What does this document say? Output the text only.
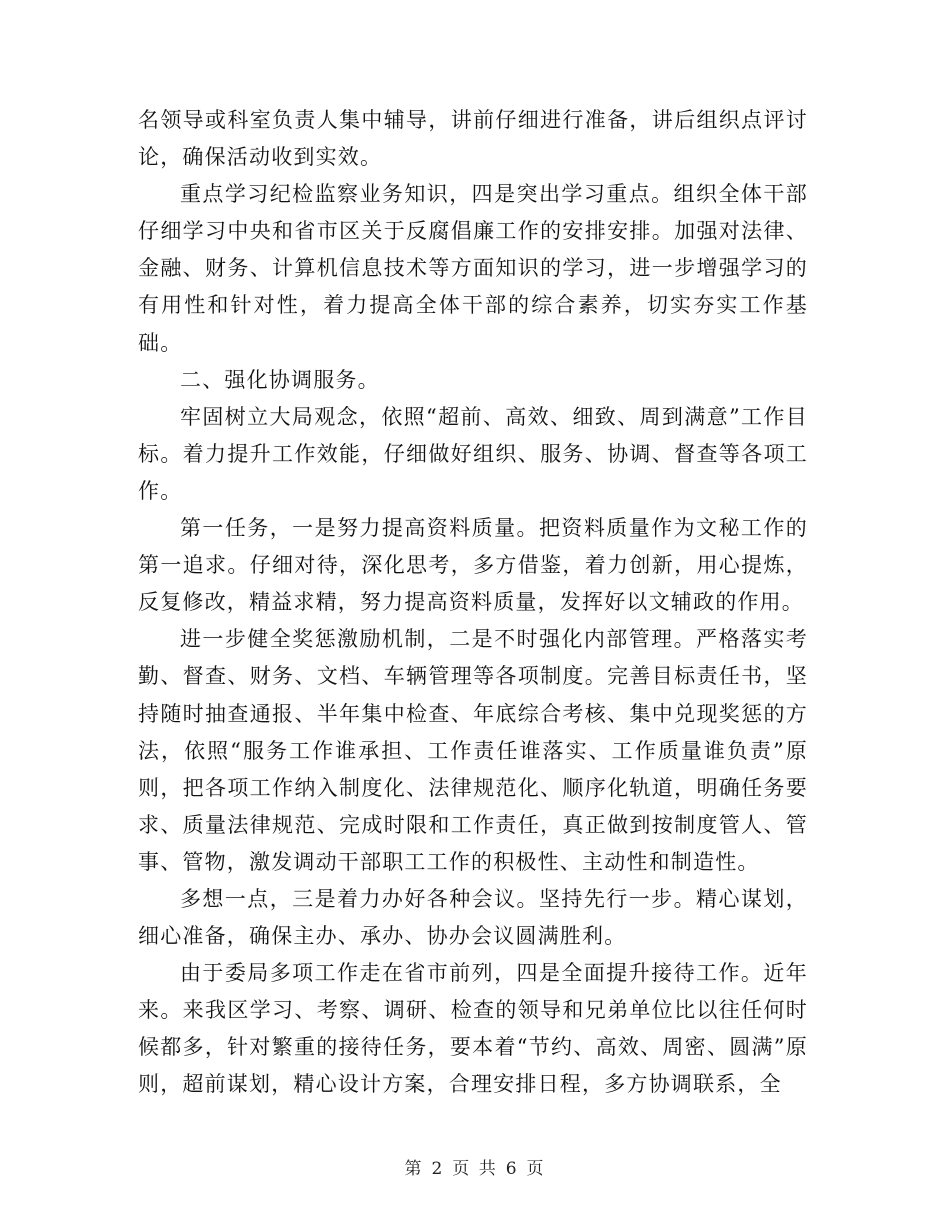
名领导或科室负责人集中辅导，讲前仔细进行准备，讲后组织点评讨论，确保活动收到实效。

重点学习纪检监察业务知识，四是突出学习重点。组织全体干部仔细学习中央和省市区关于反腐倡廉工作的安排安排。加强对法律、金融、财务、计算机信息技术等方面知识的学习，进一步增强学习的有用性和针对性，着力提高全体干部的综合素养，切实夯实工作基础。

二、强化协调服务。

牢固树立大局观念，依照“超前、高效、细致、周到满意”工作目标。着力提升工作效能，仔细做好组织、服务、协调、督查等各项工作。

第一任务，一是努力提高资料质量。把资料质量作为文秘工作的第一追求。仔细对待，深化思考，多方借鉴，着力创新，用心提炼，反复修改，精益求精，努力提高资料质量，发挥好以文辅政的作用。

进一步健全奖惩激励机制，二是不时强化内部管理。严格落实考勤、督查、财务、文档、车辆管理等各项制度。完善目标责任书，坚持随时抽查通报、半年集中检查、年底综合考核、集中兑现奖惩的方法，依照“服务工作谁承担、工作责任谁落实、工作质量谁负责”原则，把各项工作纳入制度化、法律规范化、顺序化轨道，明确任务要求、质量法律规范、完成时限和工作责任，真正做到按制度管人、管事、管物，激发调动干部职工工作的积极性、主动性和制造性。

多想一点，三是着力办好各种会议。坚持先行一步。精心谋划，细心准备，确保主办、承办、协办会议圆满胜利。

由于委局多项工作走在省市前列，四是全面提升接待工作。近年来。来我区学习、考察、调研、检查的领导和兄弟单位比以往任何时候都多，针对繁重的接待任务，要本着“节约、高效、周密、圆满”原则，超前谋划，精心设计方案，合理安排日程，多方协调联系，全

第 2 页 共 6 页
